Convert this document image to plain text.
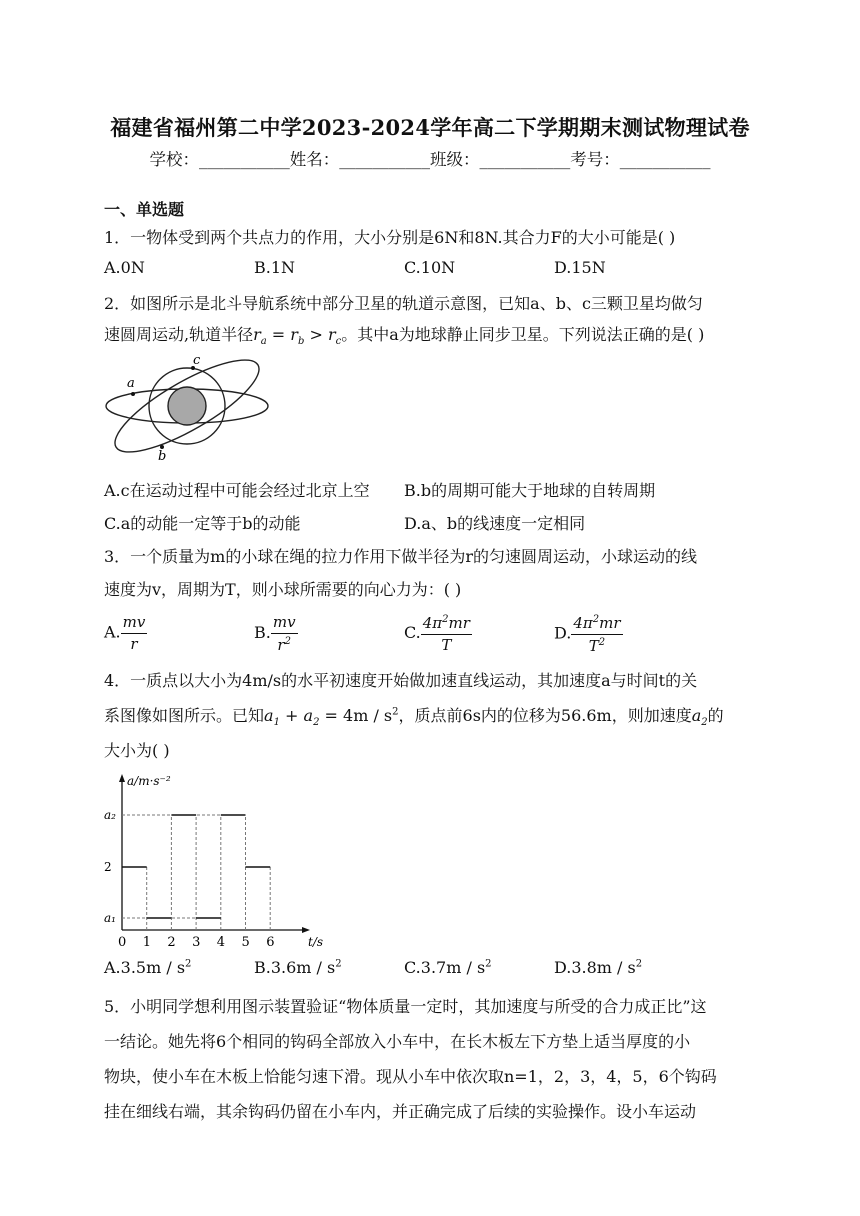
福建省福州第二中学2023-2024学年高二下学期期末测试物理试卷
学校：___________姓名：___________班级：___________考号：___________
一、单选题
1．一物体受到两个共点力的作用，大小分别是6N和8N.其合力F的大小可能是( )
A.0N	B.1N	C.10N	D.15N
2．如图所示是北斗导航系统中部分卫星的轨道示意图，已知a、b、c三颗卫星均做匀
速圆周运动,轨道半径$r_a = r_b > r_c$。其中a为地球静止同步卫星。下列说法正确的是( )
a
c
b
A.c在运动过程中可能会经过北京上空 B.b的周期可能大于地球的自转周期
C.a的动能一定等于b的动能	D.a、b的线速度一定相同
3．一个质量为m的小球在绳的拉力作用下做半径为r的匀速圆周运动，小球运动的线
速度为v，周期为T，则小球所需要的向心力为：( )
A. $\frac{mv}{r}$	B. $\frac{mv}{r^2}$	C. $\frac{4\pi^2mr}{T}$	D. $\frac{4\pi^2mr}{T^2}$
4．一质点以大小为4m/s的水平初速度开始做加速直线运动，其加速度a与时间t的关
系图像如图所示。已知$a_1 + a_2 = 4m / s^2$，质点前6s内的位移为56.6m，则加速度$a_2$的
大小为( )
a/m·s⁻²
t/s
0 1 2 3 4 5 6
a₁
2
a₂
$A.3.5m / s^2$	$B.3.6m / s^2$	$C.3.7m / s^2$	$D.3.8m / s^2$
5．小明同学想利用图示装置验证“物体质量一定时，其加速度与所受的合力成正比”这
一结论。她先将6个相同的钩码全部放入小车中，在长木板左下方垫上适当厚度的小
物块，使小车在木板上恰能匀速下滑。现从小车中依次取n=1，2，3，4，5，6个钩码
挂在细线右端，其余钩码仍留在小车内，并正确完成了后续的实验操作。设小车运动
